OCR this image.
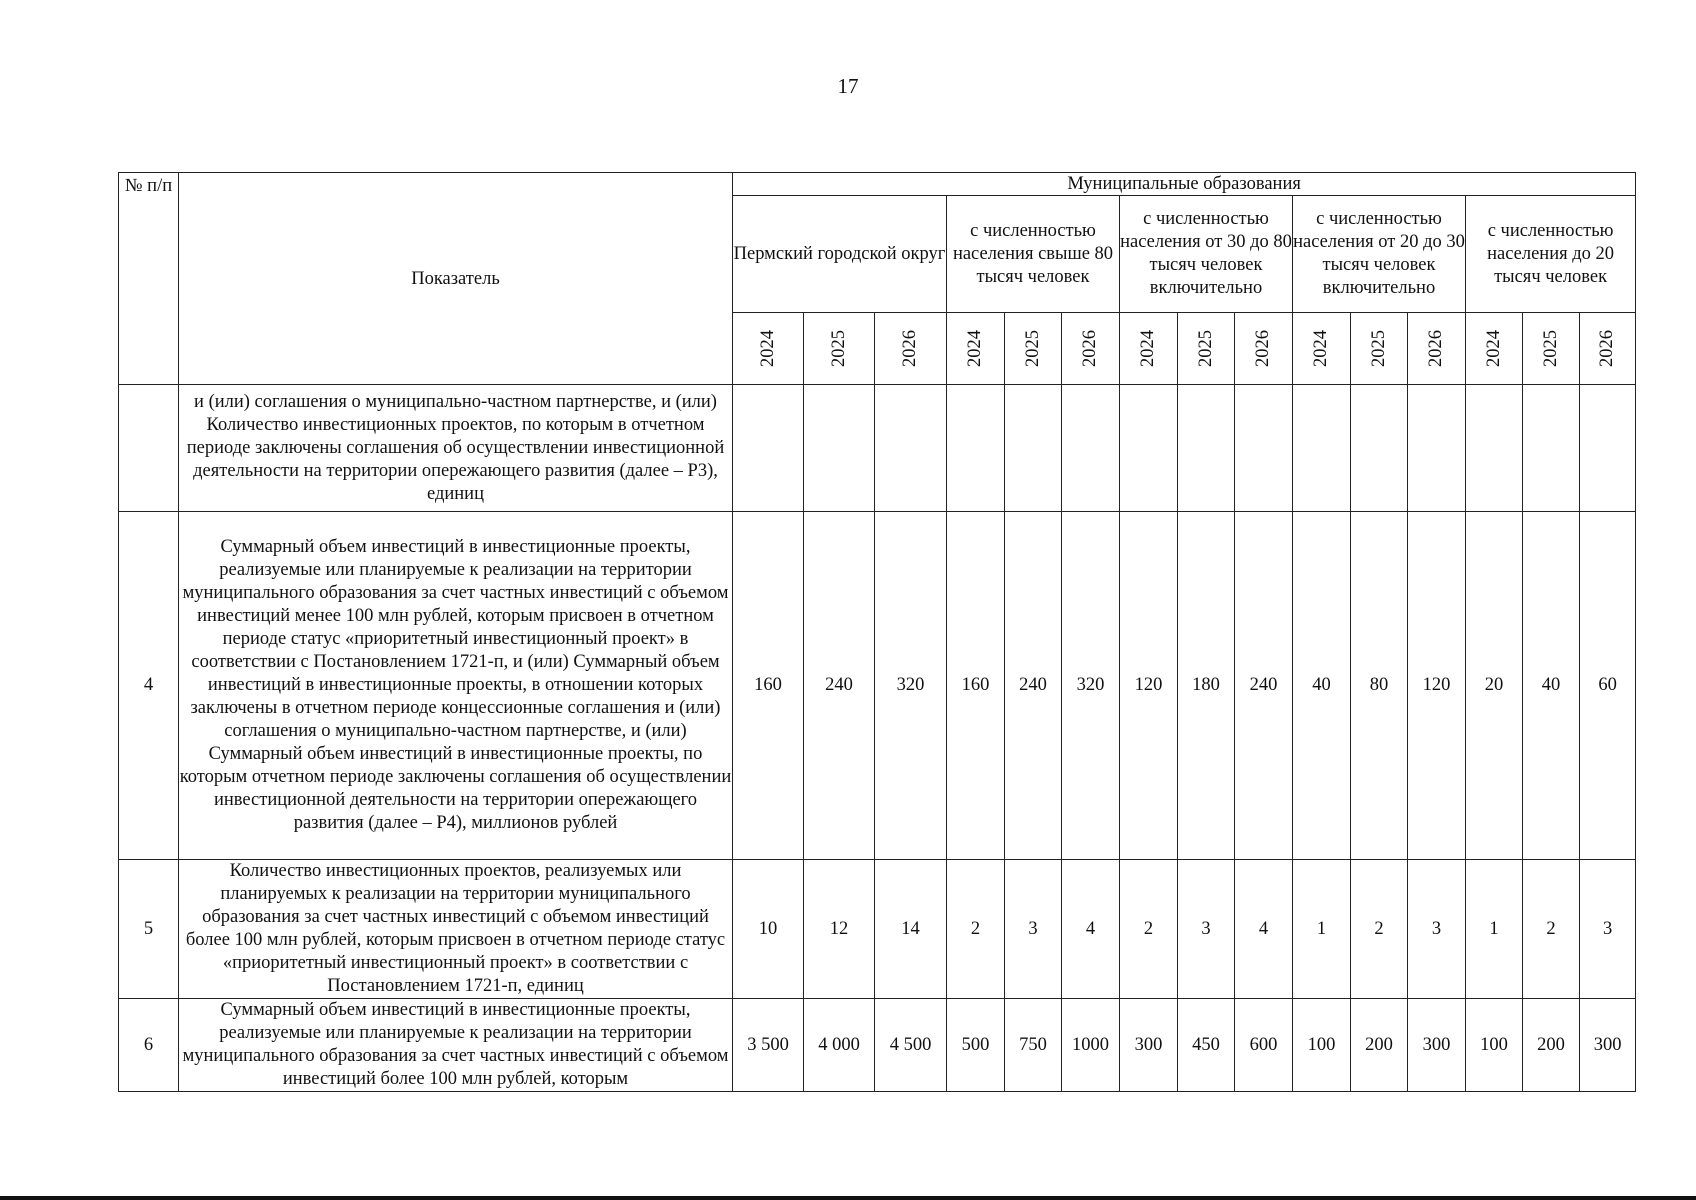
17
№ п/п	Показатель	Муниципальные образования														
		Пермский городской округ			с численностью населения свыше 80 тысяч человек			с численностью населения от 30 до 80 тысяч человек включительно			с численностью населения от 20 до 30 тысяч человек включительно			с численностью населения до 20 тысяч человек		
		2024	2025	2026	2024	2025	2026	2024	2025	2026	2024	2025	2026	2024	2025	2026
	и (или) соглашения о муниципально-частном партнерстве, и (или) Количество инвестиционных проектов, по которым в отчетном периоде заключены соглашения об осуществлении инвестиционной деятельности на территории опережающего развития (далее – Р3), единиц															
4	Суммарный объем инвестиций в инвестиционные проекты, реализуемые или планируемые к реализации на территории муниципального образования за счет частных инвестиций с объемом инвестиций менее 100 млн рублей, которым присвоен в отчетном периоде статус «приоритетный инвестиционный проект» в соответствии с Постановлением 1721-п, и (или) Суммарный объем инвестиций в инвестиционные проекты, в отношении которых заключены в отчетном периоде концессионные соглашения и (или) соглашения о муниципально-частном партнерстве, и (или) Суммарный объем инвестиций в инвестиционные проекты, по которым отчетном периоде заключены соглашения об осуществлении инвестиционной деятельности на территории опережающего развития (далее – Р4), миллионов рублей	160	240	320	160	240	320	120	180	240	40	80	120	20	40	60
5	Количество инвестиционных проектов, реализуемых или планируемых к реализации на территории муниципального образования за счет частных инвестиций с объемом инвестиций более 100 млн рублей, которым присвоен в отчетном периоде статус «приоритетный инвестиционный проект» в соответствии с Постановлением 1721-п, единиц	10	12	14	2	3	4	2	3	4	1	2	3	1	2	3
6	Суммарный объем инвестиций в инвестиционные проекты, реализуемые или планируемые к реализации на территории муниципального образования за счет частных инвестиций с объемом инвестиций более 100 млн рублей, которым	3 500	4 000	4 500	500	750	1000	300	450	600	100	200	300	100	200	300
